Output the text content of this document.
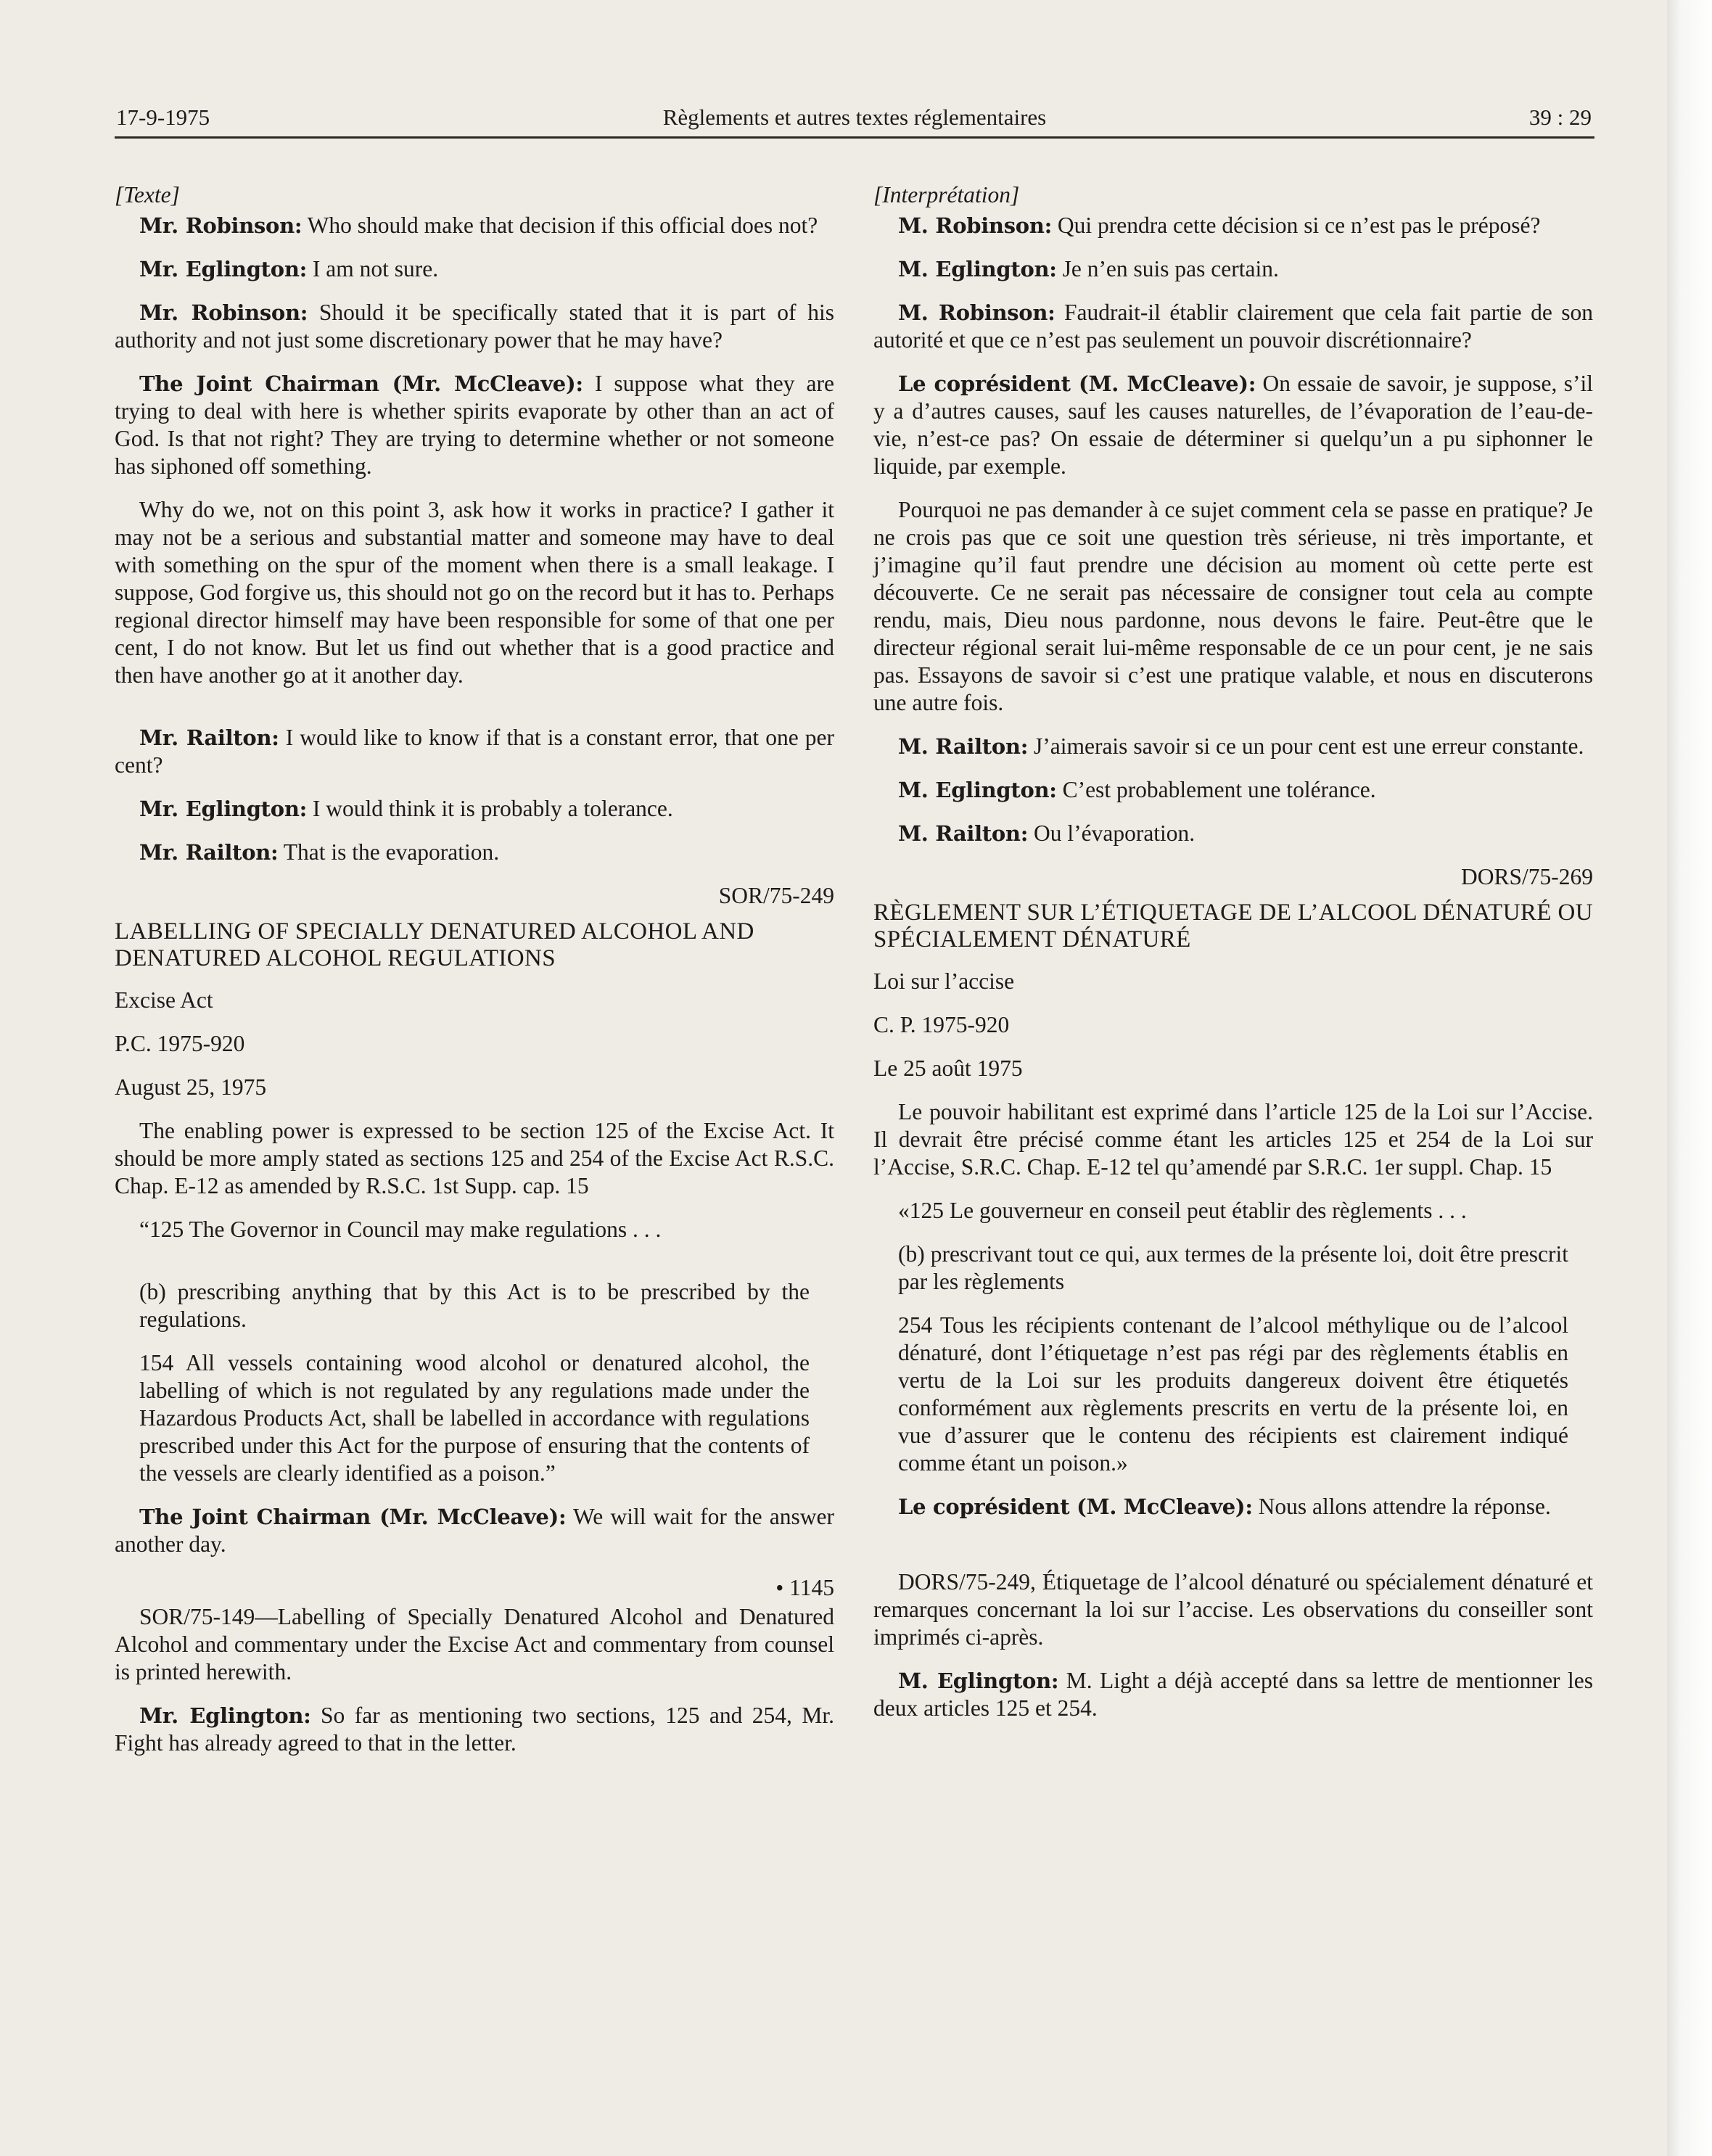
17-9-1975	Règlements et autres textes réglementaires	39 : 29

[Texte]

Mr. Robinson: Who should make that decision if this official does not?

Mr. Eglington: I am not sure.

Mr. Robinson: Should it be specifically stated that it is part of his authority and not just some discretionary power that he may have?

The Joint Chairman (Mr. McCleave): I suppose what they are trying to deal with here is whether spirits evaporate by other than an act of God. Is that not right? They are trying to determine whether or not someone has siphoned off something.

Why do we, not on this point 3, ask how it works in practice? I gather it may not be a serious and substantial matter and someone may have to deal with something on the spur of the moment when there is a small leakage. I suppose, God forgive us, this should not go on the record but it has to. Perhaps regional director himself may have been responsible for some of that one per cent, I do not know. But let us find out whether that is a good practice and then have another go at it another day.

Mr. Railton: I would like to know if that is a constant error, that one per cent?

Mr. Eglington: I would think it is probably a tolerance.

Mr. Railton: That is the evaporation.

SOR/75-249

LABELLING OF SPECIALLY DENATURED ALCOHOL AND DENATURED ALCOHOL REGULATIONS

Excise Act

P.C. 1975-920

August 25, 1975

The enabling power is expressed to be section 125 of the Excise Act. It should be more amply stated as sections 125 and 254 of the Excise Act R.S.C. Chap. E-12 as amended by R.S.C. 1st Supp. cap. 15

“125 The Governor in Council may make regulations . . .

(b) prescribing anything that by this Act is to be prescribed by the regulations.

154 All vessels containing wood alcohol or denatured alcohol, the labelling of which is not regulated by any regulations made under the Hazardous Products Act, shall be labelled in accordance with regulations prescribed under this Act for the purpose of ensuring that the contents of the vessels are clearly identified as a poison.”

The Joint Chairman (Mr. McCleave): We will wait for the answer another day.

• 1145

SOR/75-149—Labelling of Specially Denatured Alcohol and Denatured Alcohol and commentary under the Excise Act and commentary from counsel is printed herewith.

Mr. Eglington: So far as mentioning two sections, 125 and 254, Mr. Fight has already agreed to that in the letter.

[Interprétation]

M. Robinson: Qui prendra cette décision si ce n’est pas le préposé?

M. Eglington: Je n’en suis pas certain.

M. Robinson: Faudrait-il établir clairement que cela fait partie de son autorité et que ce n’est pas seulement un pouvoir discrétionnaire?

Le coprésident (M. McCleave): On essaie de savoir, je suppose, s’il y a d’autres causes, sauf les causes naturelles, de l’évaporation de l’eau-de-vie, n’est-ce pas? On essaie de déterminer si quelqu’un a pu siphonner le liquide, par exemple.

Pourquoi ne pas demander à ce sujet comment cela se passe en pratique? Je ne crois pas que ce soit une question très sérieuse, ni très importante, et j’imagine qu’il faut prendre une décision au moment où cette perte est découverte. Ce ne serait pas nécessaire de consigner tout cela au compte rendu, mais, Dieu nous pardonne, nous devons le faire. Peut-être que le directeur régional serait lui-même responsable de ce un pour cent, je ne sais pas. Essayons de savoir si c’est une pratique valable, et nous en discuterons une autre fois.

M. Railton: J’aimerais savoir si ce un pour cent est une erreur constante.

M. Eglington: C’est probablement une tolérance.

M. Railton: Ou l’évaporation.

DORS/75-269

RÈGLEMENT SUR L’ÉTIQUETAGE DE L’ALCOOL DÉNATURÉ OU SPÉCIALEMENT DÉNATURÉ

Loi sur l’accise

C. P. 1975-920

Le 25 août 1975

Le pouvoir habilitant est exprimé dans l’article 125 de la Loi sur l’Accise. Il devrait être précisé comme étant les articles 125 et 254 de la Loi sur l’Accise, S.R.C. Chap. E-12 tel qu’amendé par S.R.C. 1er suppl. Chap. 15

«125 Le gouverneur en conseil peut établir des règlements . . .

(b) prescrivant tout ce qui, aux termes de la présente loi, doit être prescrit par les règlements

254 Tous les récipients contenant de l’alcool méthylique ou de l’alcool dénaturé, dont l’étiquetage n’est pas régi par des règlements établis en vertu de la Loi sur les produits dangereux doivent être étiquetés conformément aux règlements prescrits en vertu de la présente loi, en vue d’assurer que le contenu des récipients est clairement indiqué comme étant un poison.»

Le coprésident (M. McCleave): Nous allons attendre la réponse.

DORS/75-249, Étiquetage de l’alcool dénaturé ou spécialement dénaturé et remarques concernant la loi sur l’accise. Les observations du conseiller sont imprimés ci-après.

M. Eglington: M. Light a déjà accepté dans sa lettre de mentionner les deux articles 125 et 254.
